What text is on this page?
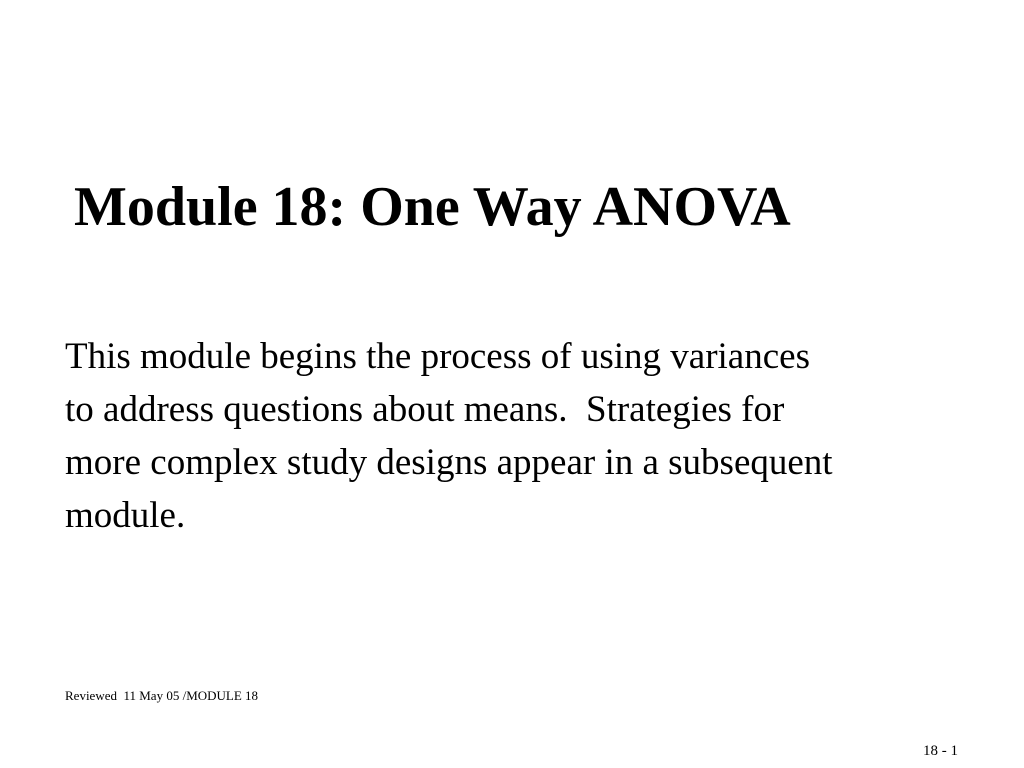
Module 18: One Way ANOVA
This module begins the process of using variances
to address questions about means.  Strategies for
more complex study designs appear in a subsequent
module.
Reviewed  11 May 05 /MODULE 18
18 - 1
